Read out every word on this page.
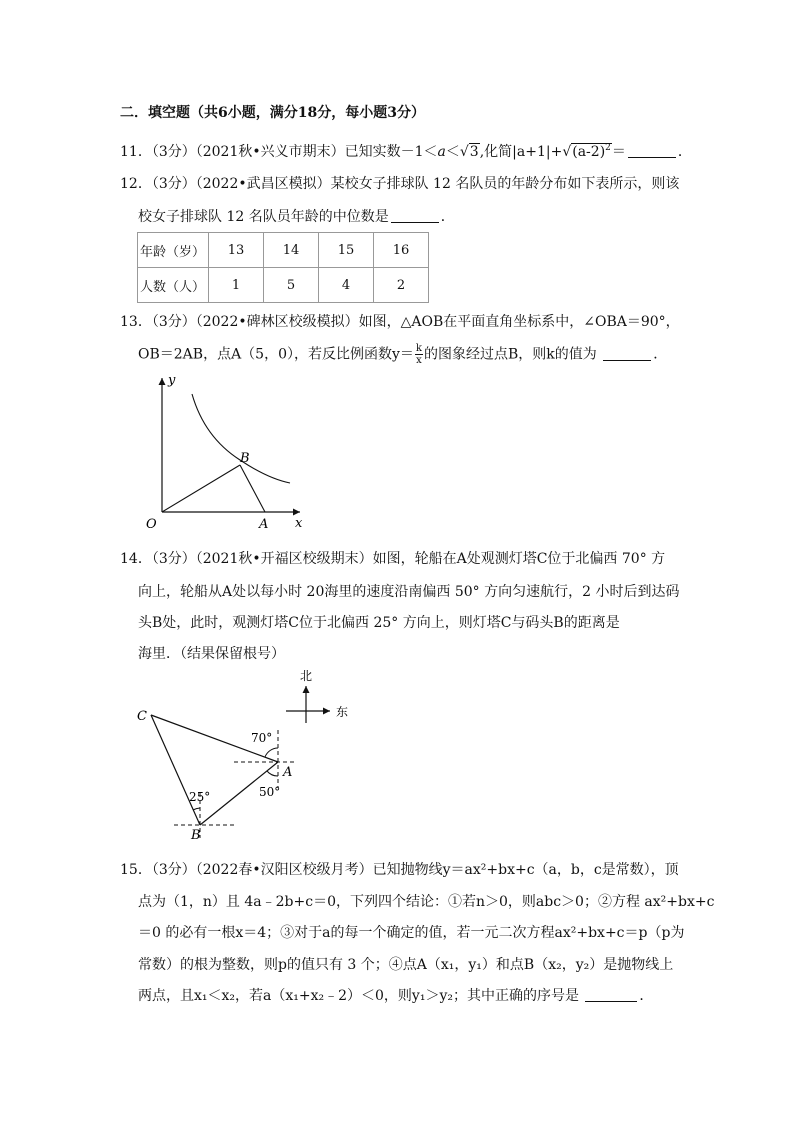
二．填空题（共6小题，满分18分，每小题3分）
11．（3分）（2021秋•兴义市期末）已知实数－1＜a＜√3,化简$|a+1|+√(a-2)^2=$	．
12．（3分）（2022•武昌区模拟）某校女子排球队 12 名队员的年龄分布如下表所示，则该
校女子排球队 12 名队员年龄的中位数是	．
年龄（岁）	13	14	15	16
人数（人）	1	5	4	2
13．（3分）（2022•碑林区校级模拟）如图，△AOB在平面直角坐标系中，∠OBA＝90°，
OB＝2AB，点A（5，0），若反比例函数$y= \frac{k}{x}$ 的图象经过点B，则k的值为	．
y
x
O	A
B
14．（3分）（2021秋•开福区校级期末）如图，轮船在A处观测灯塔C位于北偏西 70° 方
向上，轮船从A处以每小时 20海里的速度沿南偏西 50° 方向匀速航行，2 小时后到达码
头B处，此时，观测灯塔C位于北偏西 25° 方向上，则灯塔C与码头B的距离是
海里．（结果保留根号）
北
东
C
A
B
70°
50°
25°
15．（3分）（2022春•汉阳区校级月考）已知抛物线y＝ax²+bx+c（a，b，c是常数），顶
点为（1，n）且 4a﹣2b+c＝0，下列四个结论：①若n＞0，则abc＞0；②方程 ax²+bx+c
＝0 的必有一根x＝4；③对于a的每一个确定的值，若一元二次方程ax²+bx+c＝p（p为
常数）的根为整数，则p的值只有 3 个；④点A（x₁，y₁）和点B（x₂，y₂）是抛物线上
两点，且x₁＜x₂，若a（x₁+x₂﹣2）＜0，则y₁＞y₂；其中正确的序号是	．
